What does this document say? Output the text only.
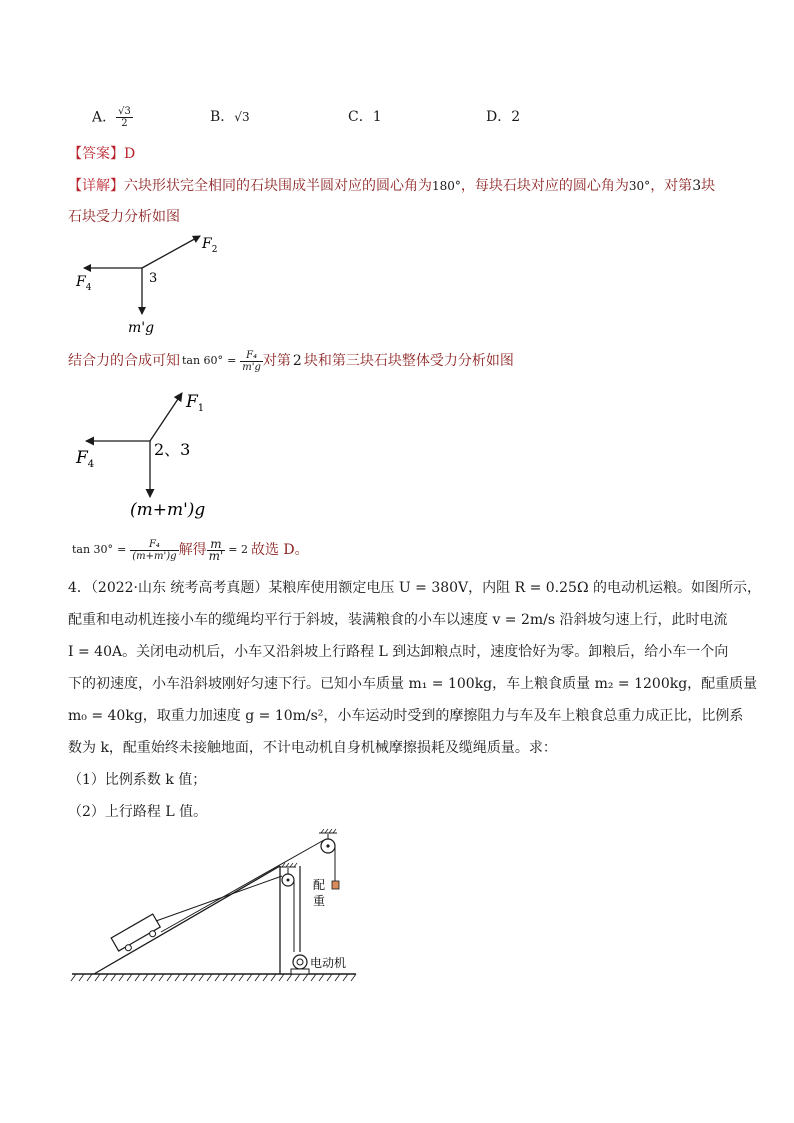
A． $\frac{√3}{2}$	B．√3	C．1	D．2
【答案】D
【详解】六块形状完全相同的石块围成半圆对应的圆心角为180°，每块石块对应的圆心角为30°，对第3块
石块受力分析如图
$F_2$
$F_4$
3
m'g
结合力的合成可知 $\tan 60^\circ = \frac{\text{F₄}}{m'g}$ 对第 2 块和第三块石块整体受力分析如图
$F_1$
$F_4$
2、3
(m+m')g
$\tan 30^\circ = \frac{\text{F₄}}{(m+m')g}$ 解得 $\frac{m}{m'} = 2$ 故选 D。
4．（2022·山东 统考高考真题）某粮库使用额定电压 U = 380V，内阻 R = 0.25Ω 的电动机运粮。如图所示，
配重和电动机连接小车的缆绳均平行于斜坡，装满粮食的小车以速度 v = 2m/s 沿斜坡匀速上行，此时电流
I = 40A。关闭电动机后，小车又沿斜坡上行路程 L 到达卸粮点时，速度恰好为零。卸粮后，给小车一个向
下的初速度，小车沿斜坡刚好匀速下行。已知小车质量 m₁ = 100kg，车上粮食质量 m₂ = 1200kg，配重质量
m₀ = 40kg，取重力加速度 g = 10m/s²，小车运动时受到的摩擦阻力与车及车上粮食总重力成正比，比例系
数为 k，配重始终未接触地面，不计电动机自身机械摩擦损耗及缆绳质量。求：
（1）比例系数 k 值；
（2）上行路程 L 值。
配
重
电动机
